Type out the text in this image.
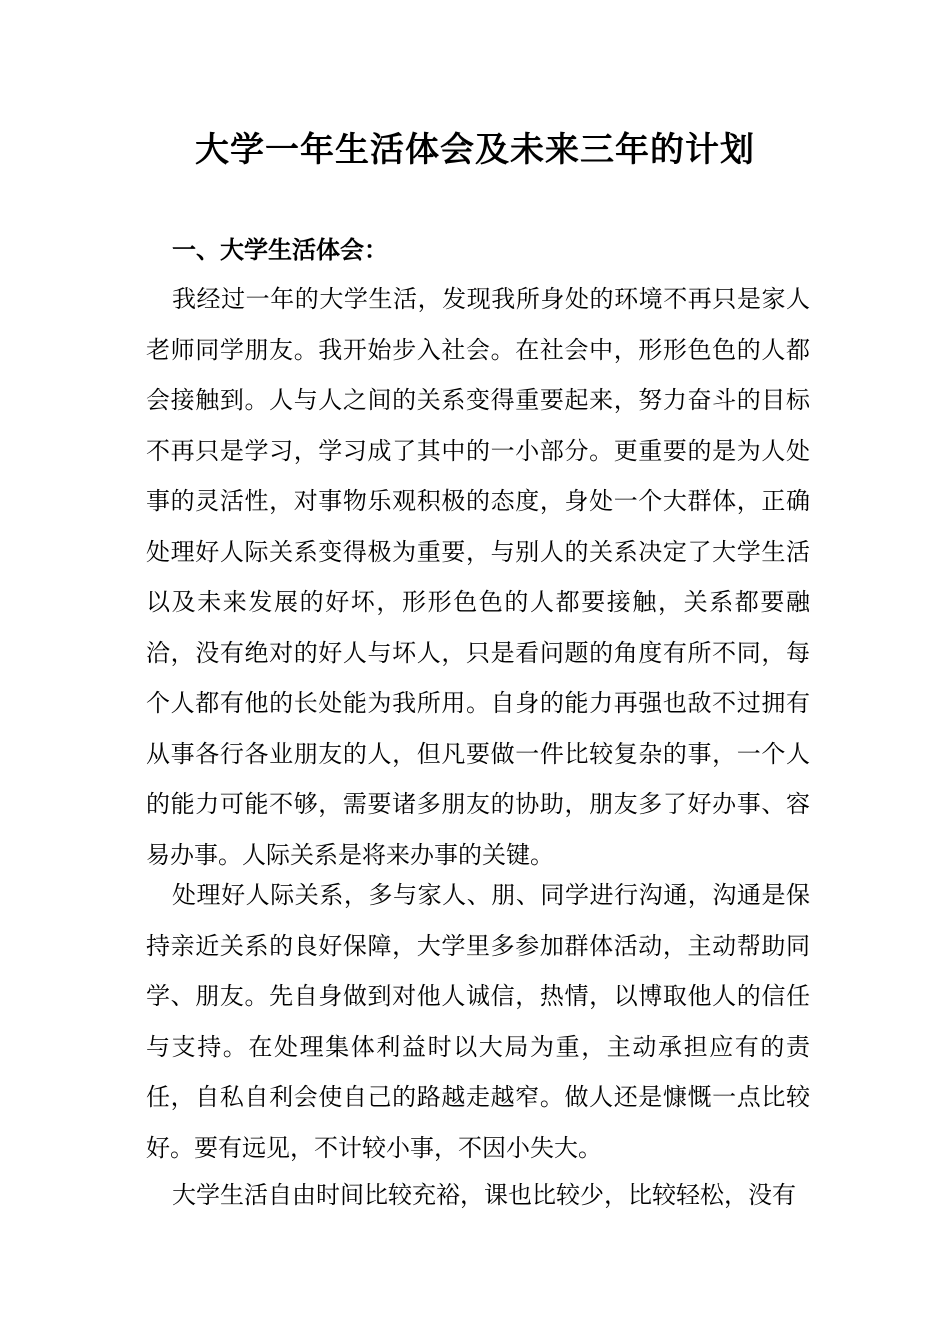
大学一年生活体会及未来三年的计划
一、大学生活体会：

我经过一年的大学生活，发现我所身处的环境不再只是家人老师同学朋友。我开始步入社会。在社会中，形形色色的人都会接触到。人与人之间的关系变得重要起来，努力奋斗的目标不再只是学习，学习成了其中的一小部分。更重要的是为人处事的灵活性，对事物乐观积极的态度，身处一个大群体，正确处理好人际关系变得极为重要，与别人的关系决定了大学生活以及未来发展的好坏，形形色色的人都要接触，关系都要融洽，没有绝对的好人与坏人，只是看问题的角度有所不同，每个人都有他的长处能为我所用。自身的能力再强也敌不过拥有从事各行各业朋友的人，但凡要做一件比较复杂的事，一个人的能力可能不够，需要诸多朋友的协助，朋友多了好办事、容易办事。人际关系是将来办事的关键。

处理好人际关系，多与家人、朋、同学进行沟通，沟通是保持亲近关系的良好保障，大学里多参加群体活动，主动帮助同学、朋友。先自身做到对他人诚信，热情，以博取他人的信任与支持。在处理集体利益时以大局为重，主动承担应有的责任，自私自利会使自己的路越走越窄。做人还是慷慨一点比较好。要有远见，不计较小事，不因小失大。

大学生活自由时间比较充裕，课也比较少，比较轻松，没有
